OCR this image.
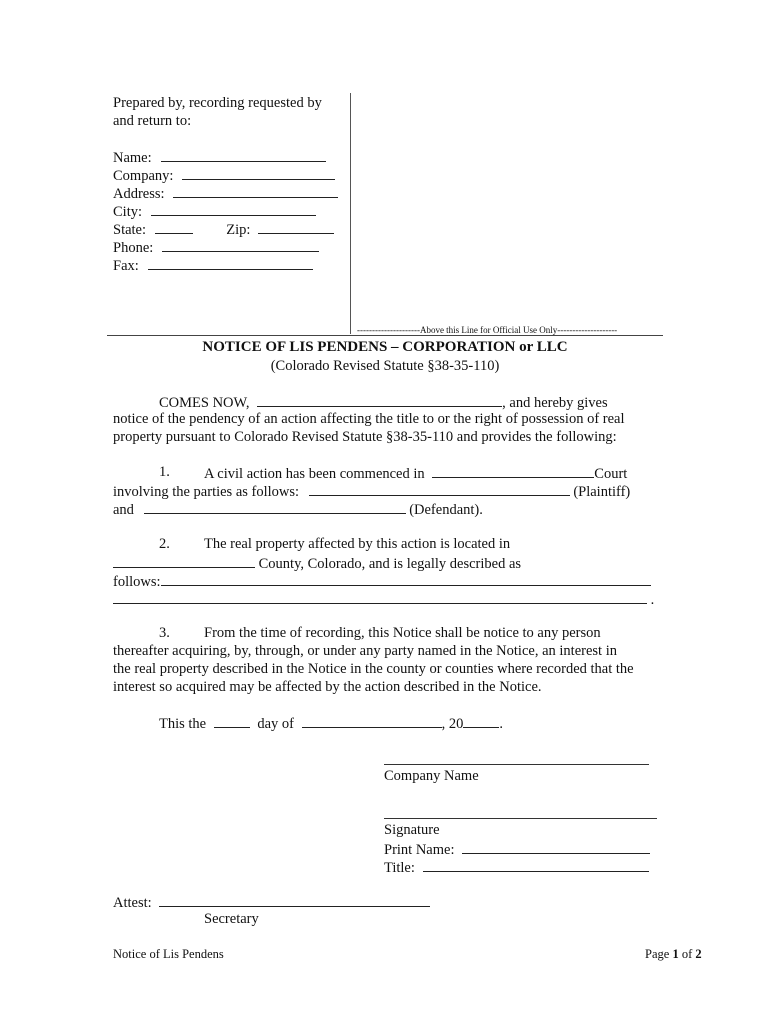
Prepared by, recording requested by
and return to:
Name:
Company:
Address:
City:
State:	Zip:
Phone:
Fax:
---------------------Above this Line for Official Use Only--------------------
NOTICE OF LIS PENDENS – CORPORATION or LLC
(Colorado Revised Statute §38-35-110)
COMES NOW,	, and hereby gives
notice of the pendency of an action affecting the title to or the right of possession of real
property pursuant to Colorado Revised Statute §38-35-110 and provides the following:
1. A civil action has been commenced in	Court
involving the parties as follows:	(Plaintiff)
and	(Defendant).
2. The real property affected by this action is located in
County, Colorado, and is legally described as
follows:
.
3. From the time of recording, this Notice shall be notice to any person
thereafter acquiring, by, through, or under any party named in the Notice, an interest in
the real property described in the Notice in the county or counties where recorded that the
interest so acquired may be affected by the action described in the Notice.
This the	day of	, 20 .
Company Name
Signature
Print Name:
Title:
Attest:
Secretary
Notice of Lis Pendens	Page 1 of 2
